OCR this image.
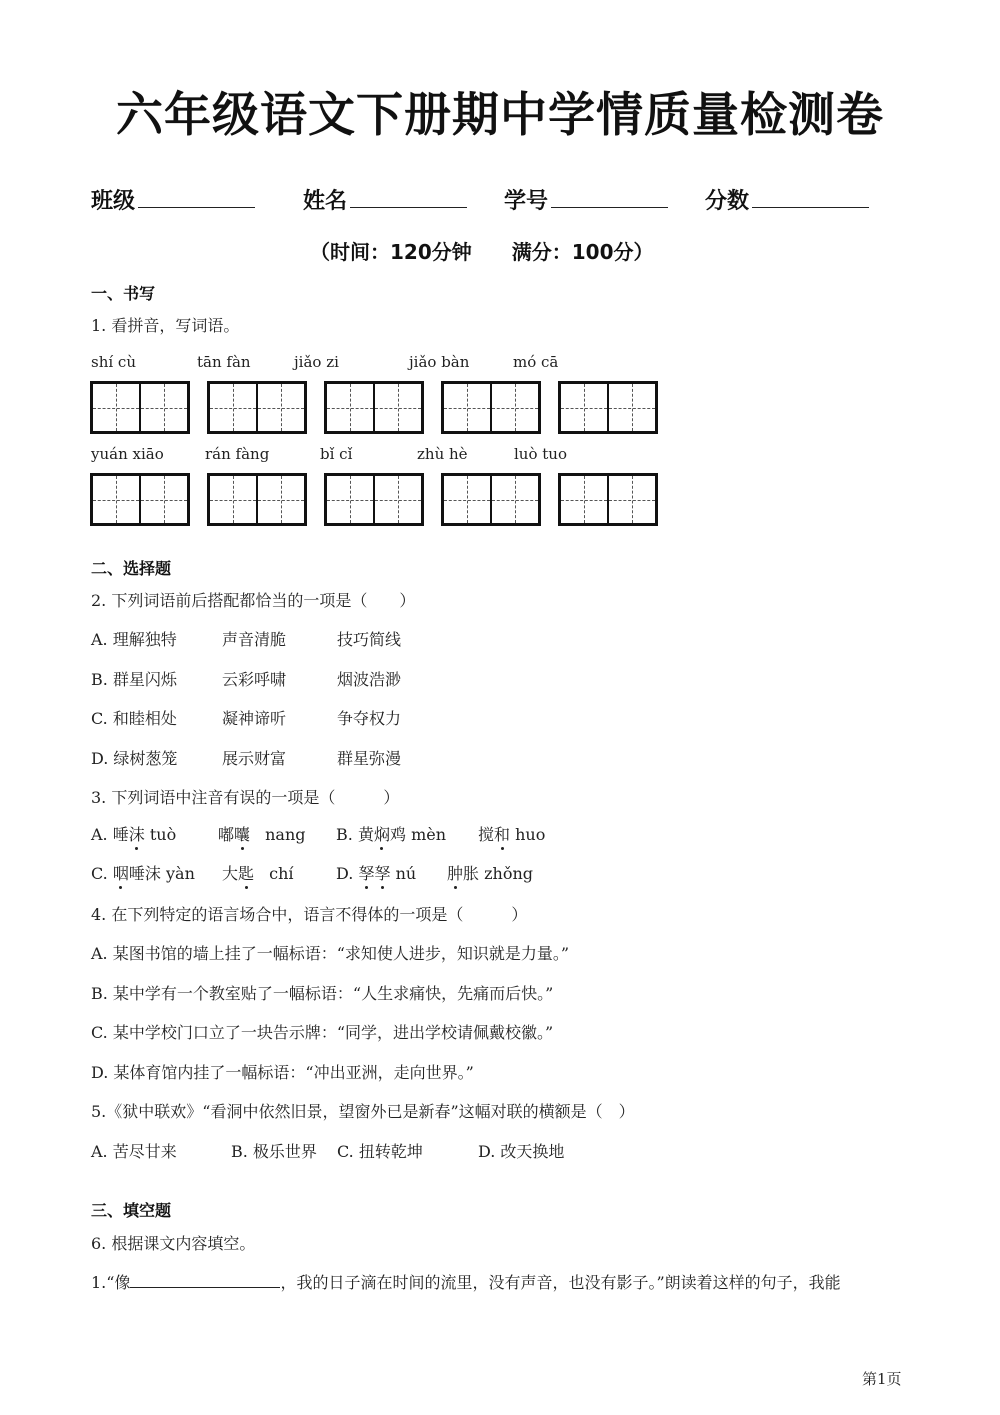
六年级语文下册期中学情质量检测卷
班级	姓名	学号	分数
（时间：120分钟　　满分：100分）
一、书写
1. 看拼音，写词语。
shí cù	tān fàn	jiǎo zi	jiǎo bàn	mó cā
yuán xiāo	rán fàng	bǐ cǐ	zhù hè	luò tuo
二、选择题
2. 下列词语前后搭配都恰当的一项是（　　）
A. 理解独特	声音清脆	技巧简线
B. 群星闪烁	云彩呼啸	烟波浩渺
C. 和睦相处	凝神谛听	争夺权力
D. 绿树葱笼	展示财富	群星弥漫
3. 下列词语中注音有误的一项是（　　　）
A. 唾沫 tuò	嘟囔 nang B. 黄焖鸡 mèn 搅和 huo
C. 咽唾沫 yàn 大匙 chí	D. 孥孥 nú 肿胀 zhǒng
4. 在下列特定的语言场合中，语言不得体的一项是（　　　）
A. 某图书馆的墙上挂了一幅标语：“求知使人进步，知识就是力量。”
B. 某中学有一个教室贴了一幅标语：“人生求痛快，先痛而后快。”
C. 某中学校门口立了一块告示牌：“同学，进出学校请佩戴校徽。”
D. 某体育馆内挂了一幅标语：“冲出亚洲，走向世界。”
5.《狱中联欢》“看洞中依然旧景，望窗外已是新春”这幅对联的横额是（　）
A. 苦尽甘来	B. 极乐世界 C. 扭转乾坤	D. 改天换地
三、填空题
6. 根据课文内容填空。
1.“像	，我的日子滴在时间的流里，没有声音，也没有影子。”朗读着这样的句子，我能
第1页
